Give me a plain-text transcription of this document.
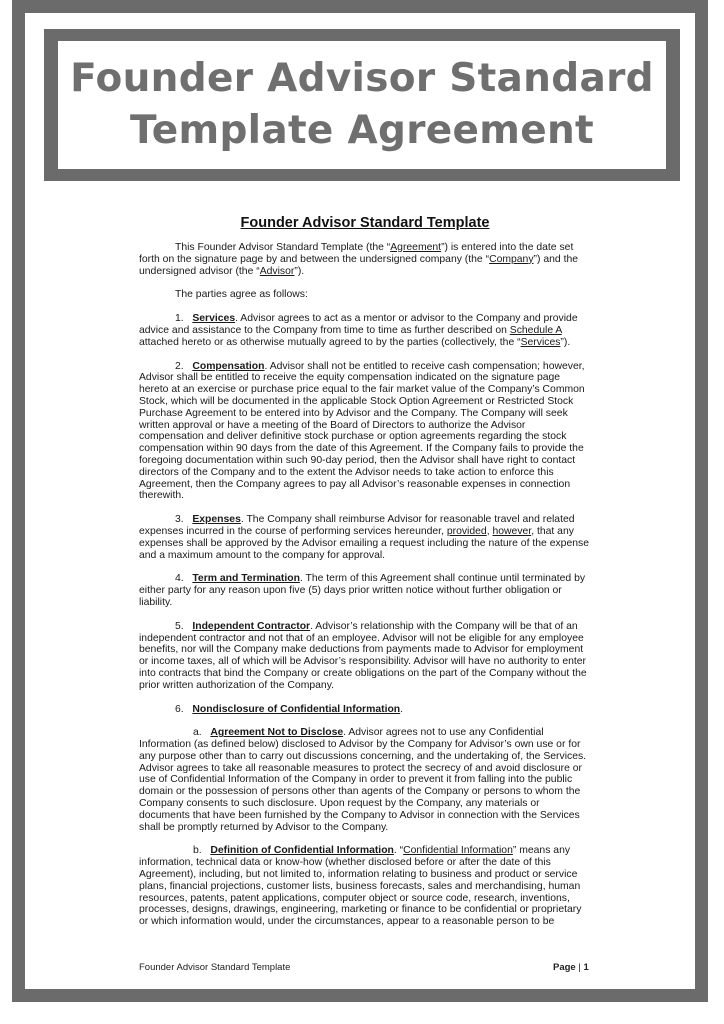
Founder Advisor Standard
Template Agreement
Founder Advisor Standard Template

This Founder Advisor Standard Template (the “Agreement”) is entered into the date set forth on the signature page by and between the undersigned company (the “Company”) and the undersigned advisor (the “Advisor”).

The parties agree as follows:

1. Services. Advisor agrees to act as a mentor or advisor to the Company and provide advice and assistance to the Company from time to time as further described on Schedule A attached hereto or as otherwise mutually agreed to by the parties (collectively, the “Services”).

2. Compensation. Advisor shall not be entitled to receive cash compensation; however, Advisor shall be entitled to receive the equity compensation indicated on the signature page hereto at an exercise or purchase price equal to the fair market value of the Company’s Common Stock, which will be documented in the applicable Stock Option Agreement or Restricted Stock Purchase Agreement to be entered into by Advisor and the Company. The Company will seek written approval or have a meeting of the Board of Directors to authorize the Advisor compensation and deliver definitive stock purchase or option agreements regarding the stock compensation within 90 days from the date of this Agreement. If the Company fails to provide the foregoing documentation within such 90-day period, then the Advisor shall have right to contact directors of the Company and to the extent the Advisor needs to take action to enforce this Agreement, then the Company agrees to pay all Advisor’s reasonable expenses in connection therewith.

3. Expenses. The Company shall reimburse Advisor for reasonable travel and related expenses incurred in the course of performing services hereunder, provided, however, that any expenses shall be approved by the Advisor emailing a request including the nature of the expense and a maximum amount to the company for approval.

4. Term and Termination. The term of this Agreement shall continue until terminated by either party for any reason upon five (5) days prior written notice without further obligation or liability.

5. Independent Contractor. Advisor’s relationship with the Company will be that of an independent contractor and not that of an employee. Advisor will not be eligible for any employee benefits, nor will the Company make deductions from payments made to Advisor for employment or income taxes, all of which will be Advisor’s responsibility. Advisor will have no authority to enter into contracts that bind the Company or create obligations on the part of the Company without the prior written authorization of the Company.

6. Nondisclosure of Confidential Information.

a. Agreement Not to Disclose. Advisor agrees not to use any Confidential Information (as defined below) disclosed to Advisor by the Company for Advisor’s own use or for any purpose other than to carry out discussions concerning, and the undertaking of, the Services. Advisor agrees to take all reasonable measures to protect the secrecy of and avoid disclosure or use of Confidential Information of the Company in order to prevent it from falling into the public domain or the possession of persons other than agents of the Company or persons to whom the Company consents to such disclosure. Upon request by the Company, any materials or documents that have been furnished by the Company to Advisor in connection with the Services shall be promptly returned by Advisor to the Company.

b. Definition of Confidential Information. “Confidential Information” means any information, technical data or know-how (whether disclosed before or after the date of this Agreement), including, but not limited to, information relating to business and product or service plans, financial projections, customer lists, business forecasts, sales and merchandising, human resources, patents, patent applications, computer object or source code, research, inventions, processes, designs, drawings, engineering, marketing or finance to be confidential or proprietary or which information would, under the circumstances, appear to a reasonable person to be

Founder Advisor Standard Template	Page | 1
